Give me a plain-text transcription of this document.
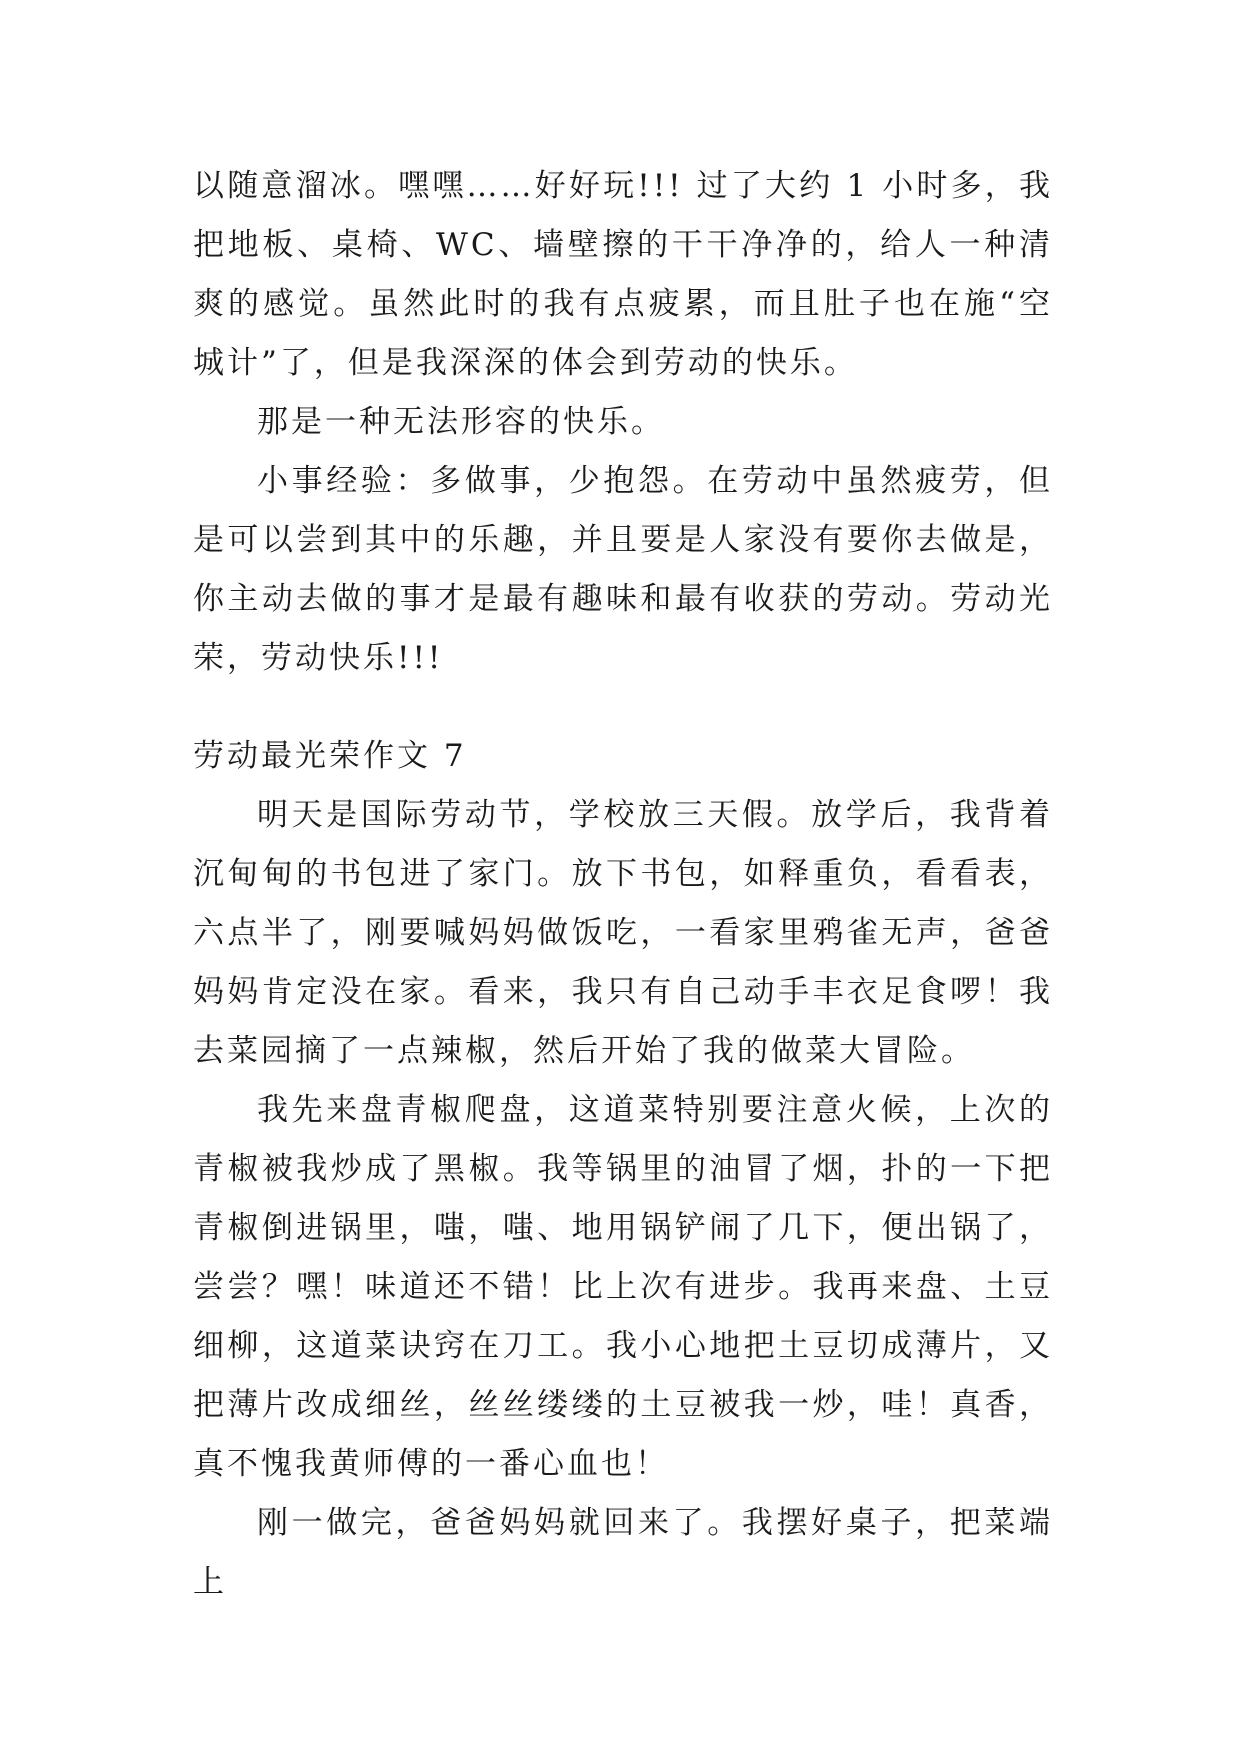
以随意溜冰。嘿嘿……好好玩!!! 过了大约 1 小时多，我把地板、桌椅、WC、墙壁擦的干干净净的，给人一种清爽的感觉。虽然此时的我有点疲累，而且肚子也在施“空城计”了，但是我深深的体会到劳动的快乐。

那是一种无法形容的快乐。

小事经验：多做事，少抱怨。在劳动中虽然疲劳，但是可以尝到其中的乐趣，并且要是人家没有要你去做是，你主动去做的事才是最有趣味和最有收获的劳动。劳动光荣，劳动快乐!!!

劳动最光荣作文 7

明天是国际劳动节，学校放三天假。放学后，我背着沉甸甸的书包进了家门。放下书包，如释重负，看看表，六点半了，刚要喊妈妈做饭吃，一看家里鸦雀无声，爸爸妈妈肯定没在家。看来，我只有自己动手丰衣足食啰！我去菜园摘了一点辣椒，然后开始了我的做菜大冒险。

我先来盘青椒爬盘，这道菜特别要注意火候，上次的青椒被我炒成了黑椒。我等锅里的油冒了烟，扑的一下把青椒倒进锅里，嗤，嗤、地用锅铲闹了几下，便出锅了，尝尝？嘿！味道还不错！比上次有进步。我再来盘、土豆细柳，这道菜诀窍在刀工。我小心地把土豆切成薄片，又把薄片改成细丝，丝丝缕缕的土豆被我一炒，哇！真香，真不愧我黄师傅的一番心血也！

刚一做完，爸爸妈妈就回来了。我摆好桌子，把菜端上
